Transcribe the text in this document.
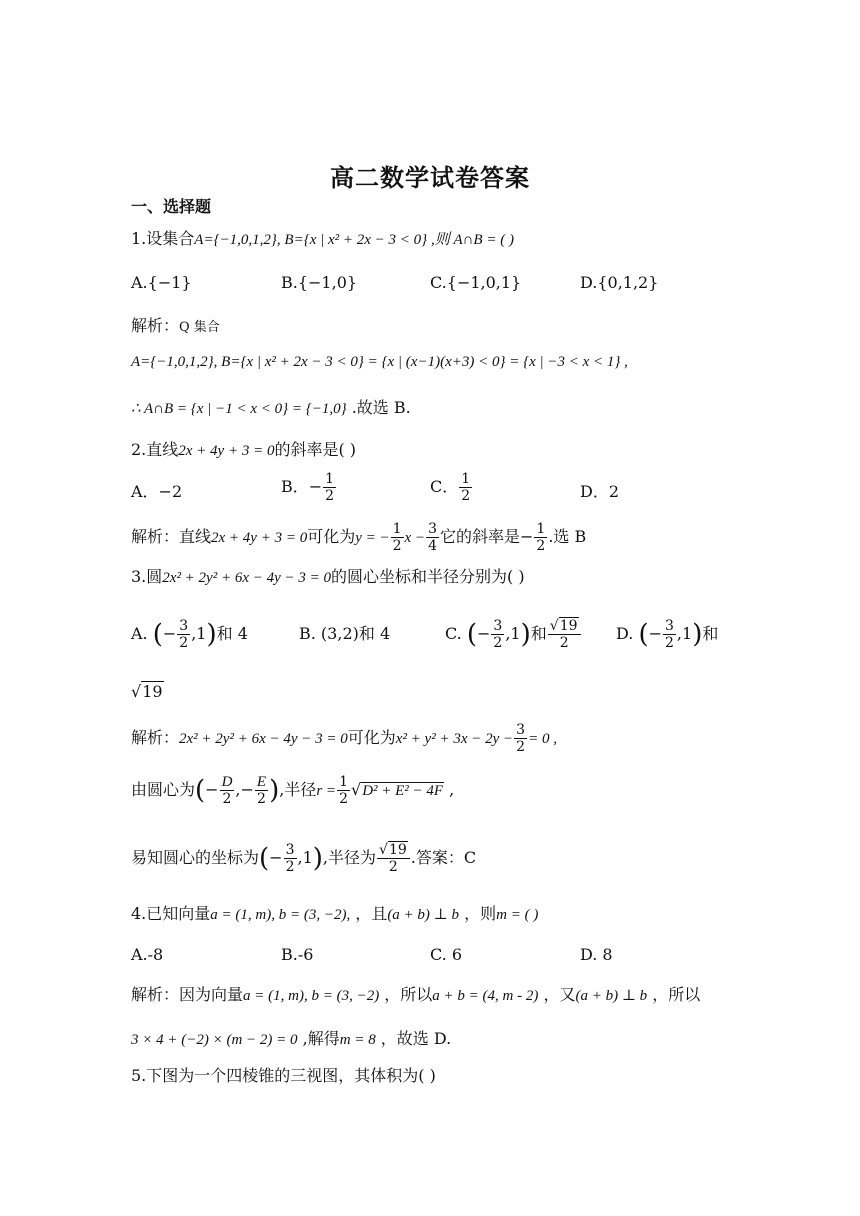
高二数学试卷答案
一、选择题
1.设集合A={−1,0,1,2}, B={x | x² + 2x − 3 < 0} ,则 A∩B = ( )
A.{−1}	B.{−1,0}	C.{−1,0,1}	D.{0,1,2}
解析：Q 集合
A={−1,0,1,2}, B={x | x² + 2x − 3 < 0} = {x | (x−1)(x+3) < 0} = {x | −3 < x < 1} ,
∴ A∩B = {x | −1 < x < 0} = {−1,0} .故选 B.
2.直线2x + 4y + 3 = 0的斜率是( )
A．−2	B．− $\frac{1}{2}$	C． $\frac{1}{2}$	D．2
解析：直线2x + 4y + 3 = 0可化为y = − $\frac{1}{2}$ $x - \frac{3}{4}$ 它的斜率是− $\frac{1}{2}$ .选 B
3.圆2x² + 2y² + 6x − 4y − 3 = 0的圆心坐标和半径分别为( )
A. (− $\frac{3}{2} ,1$)和 4	B. (3,2)和 4	C. (− $\frac{3}{2} ,1$)和 $\frac{√19}{2} D$. (− $\frac{3}{2} ,1$)和
√19
解析：2x² + 2y² + 6x − 4y − 3 = 0可化为$x^2 + y^2 + 3x - 2y - \frac{3}{2} = 0$ ,
由圆心为(− $\frac{D}{2}$ ,− $\frac{E}{2}$ ),半径$r = \frac{1}{2} √D^2 + E^2 - 4F$ ,
易知圆心的坐标为(− $\frac{3}{2} ,1$),半径为 $\frac{√19}{2}$ .答案：C
4.已知向量a = (1, m), b = (3, −2), ，且(a + b) ⊥ b ，则m = ( )
A.-8	B.-6	C. 6	D. 8
解析：因为向量a = (1, m), b = (3, −2) ，所以a + b = (4, m - 2) ，又(a + b) ⊥ b ，所以
3 × 4 + (−2) × (m − 2) = 0 ,解得m = 8 ，故选 D.
5.下图为一个四棱锥的三视图，其体积为( )
